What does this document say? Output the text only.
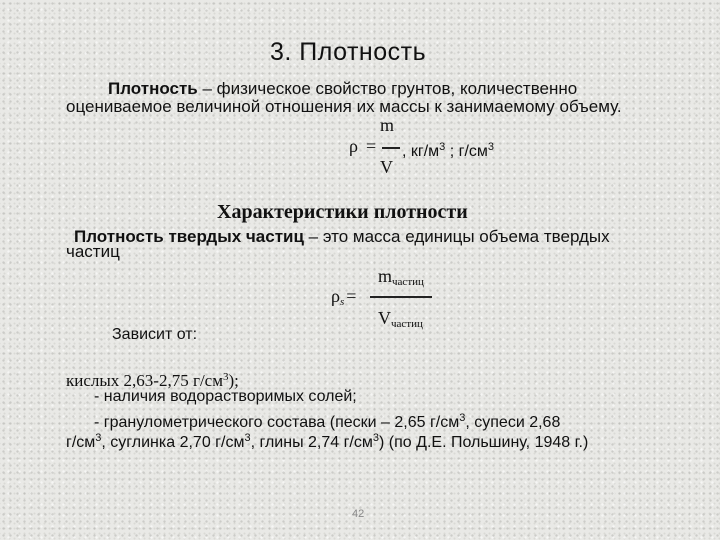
3. Плотность
Плотность – физическое свойство грунтов, количественно
оцениваемое величиной отношения их массы к занимаемому объему.
m
ρ = , $кг/м^3$ ; $г/см^3$
V
Характеристики плотности
Плотность твердых частиц – это масса единицы объема твердых
частиц
$m_{частиц}$
ρs =
$V_{частиц}$
Зависит от:
кислых 2,63-2,75 $г/см^3$);
- наличия водорастворимых солей;
- гранулометрического состава (пески – 2,65 $г/см^3$, супеси 2,68
$г/см^3$, суглинка 2,70 $г/см^3$, глины 2,74 $г/см^3$) (по Д.Е. Польшину, 1948 г.)
42
